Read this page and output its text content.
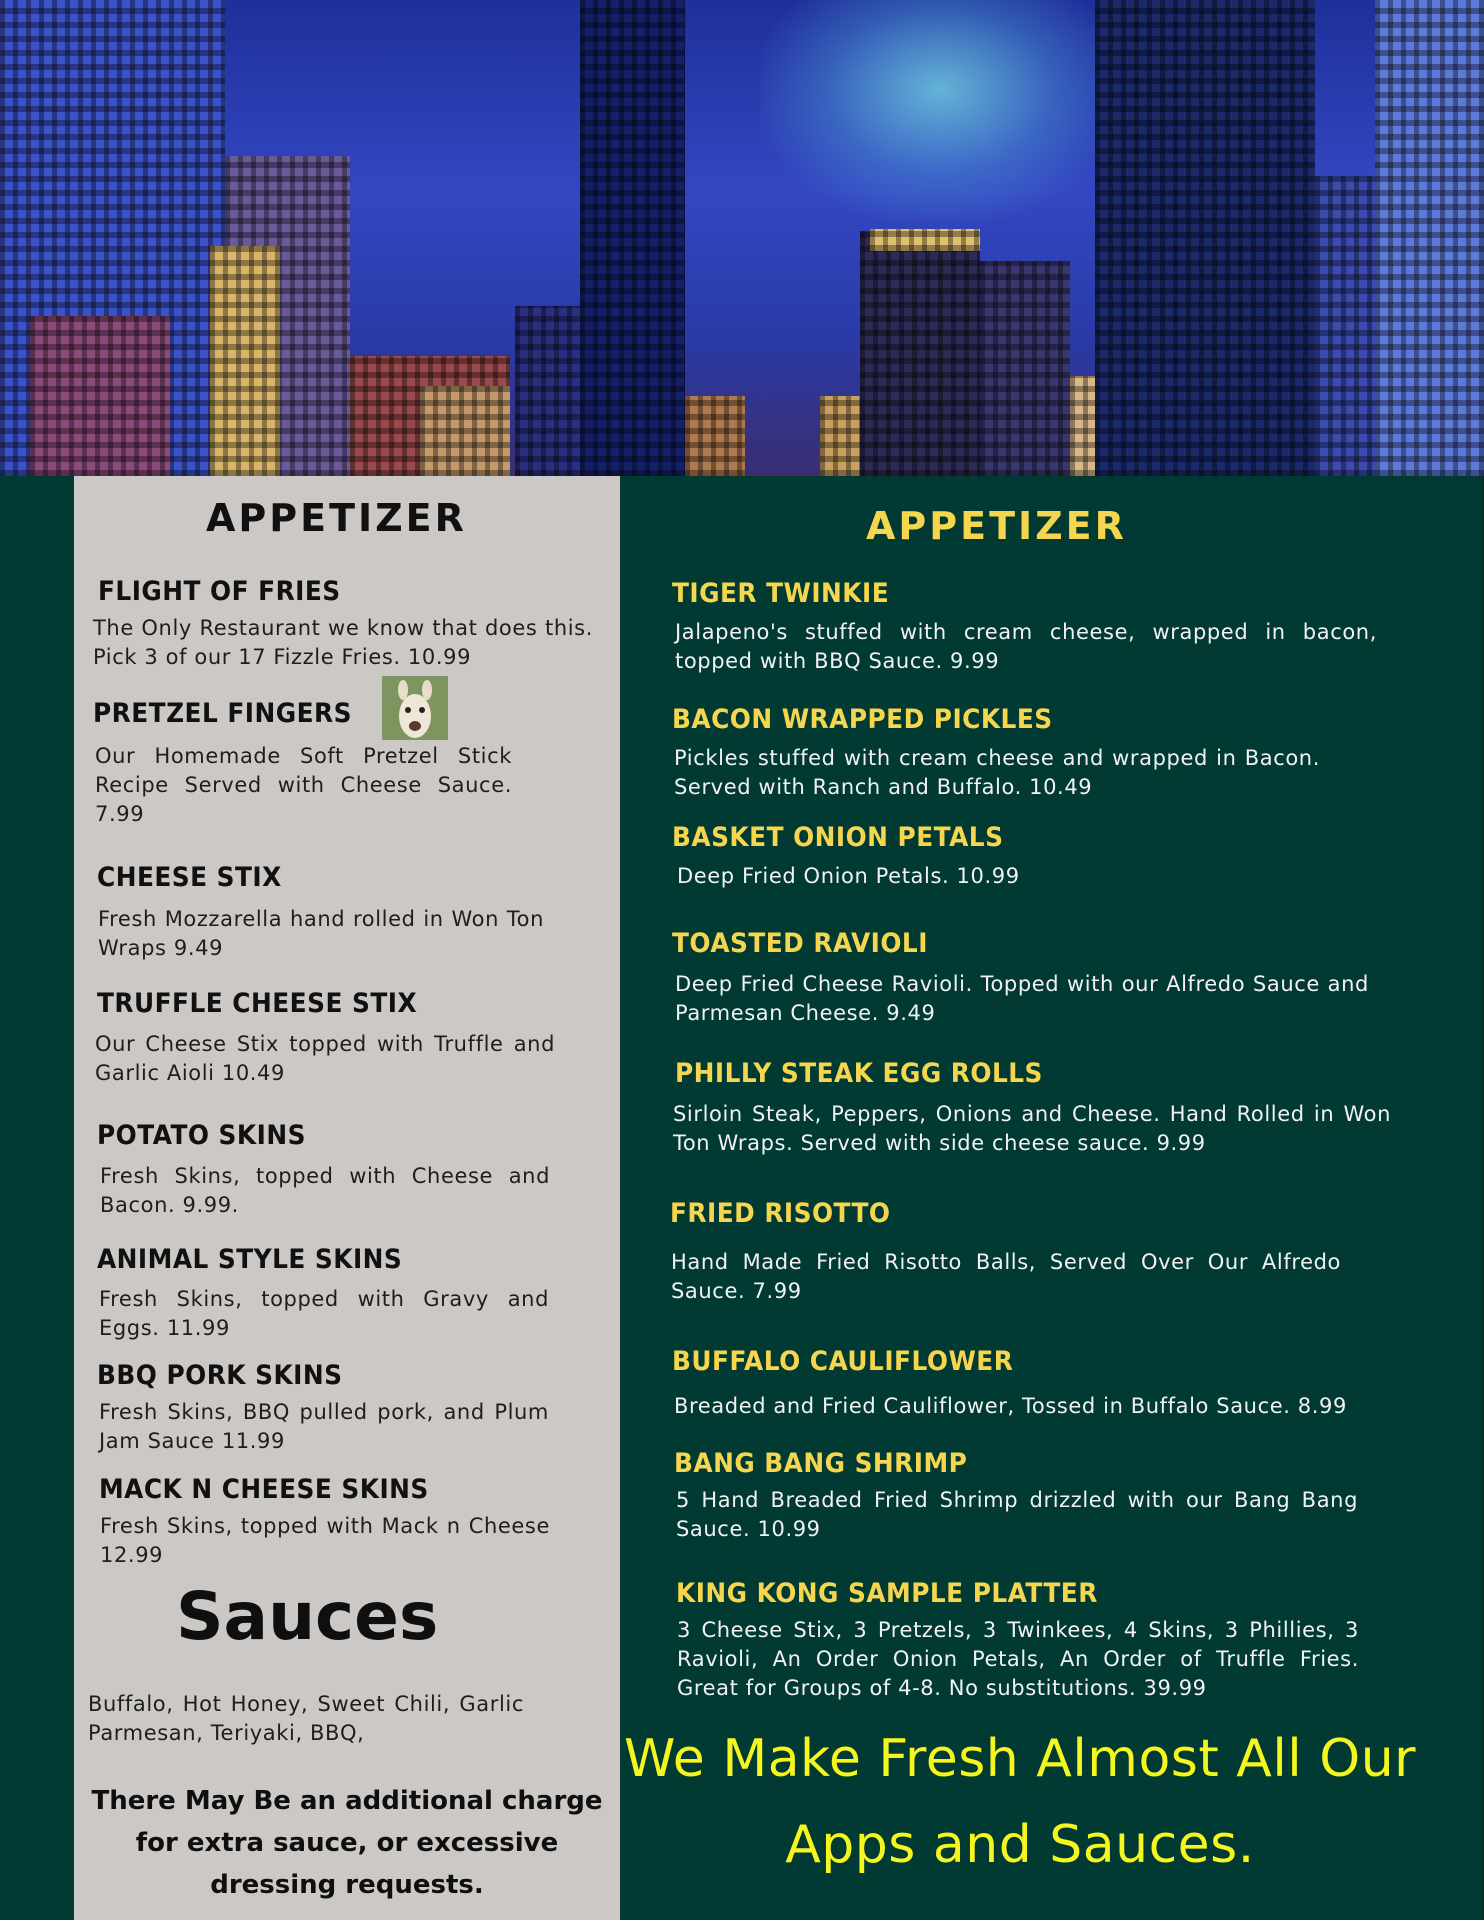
APPETIZER
FLIGHT OF FRIES
The Only Restaurant we know that does this. Pick 3 of our 17 Fizzle Fries. 10.99
PRETZEL FINGERS
Our Homemade Soft Pretzel Stick Recipe Served with Cheese Sauce. 7.99
CHEESE STIX
Fresh Mozzarella hand rolled in Won Ton Wraps 9.49
TRUFFLE CHEESE STIX
Our Cheese Stix topped with Truffle and Garlic Aioli 10.49
POTATO SKINS
Fresh Skins, topped with Cheese and Bacon. 9.99.
ANIMAL STYLE SKINS
Fresh Skins, topped with Gravy and Eggs. 11.99
BBQ PORK SKINS
Fresh Skins, BBQ pulled pork, and Plum Jam Sauce 11.99
MACK N CHEESE SKINS
Fresh Skins, topped with Mack n Cheese 12.99
Sauces
Buffalo, Hot Honey, Sweet Chili, Garlic Parmesan, Teriyaki, BBQ,
There May Be an additional charge for extra sauce, or excessive dressing requests.
APPETIZER
TIGER TWINKIE
Jalapeno's stuffed with cream cheese, wrapped in bacon, topped with BBQ Sauce. 9.99
BACON WRAPPED PICKLES
Pickles stuffed with cream cheese and wrapped in Bacon. Served with Ranch and Buffalo. 10.49
BASKET ONION PETALS
Deep Fried Onion Petals. 10.99
TOASTED RAVIOLI
Deep Fried Cheese Ravioli. Topped with our Alfredo Sauce and Parmesan Cheese. 9.49
PHILLY STEAK EGG ROLLS
Sirloin Steak, Peppers, Onions and Cheese. Hand Rolled in Won Ton Wraps. Served with side cheese sauce. 9.99
FRIED RISOTTO
Hand Made Fried Risotto Balls, Served Over Our Alfredo Sauce. 7.99
BUFFALO CAULIFLOWER
Breaded and Fried Cauliflower, Tossed in Buffalo Sauce. 8.99
BANG BANG SHRIMP
5 Hand Breaded Fried Shrimp drizzled with our Bang Bang Sauce. 10.99
KING KONG SAMPLE PLATTER
3 Cheese Stix, 3 Pretzels, 3 Twinkees, 4 Skins, 3 Phillies, 3 Ravioli, An Order Onion Petals, An Order of Truffle Fries. Great for Groups of 4-8. No substitutions. 39.99
We Make Fresh Almost All Our Apps and Sauces.
